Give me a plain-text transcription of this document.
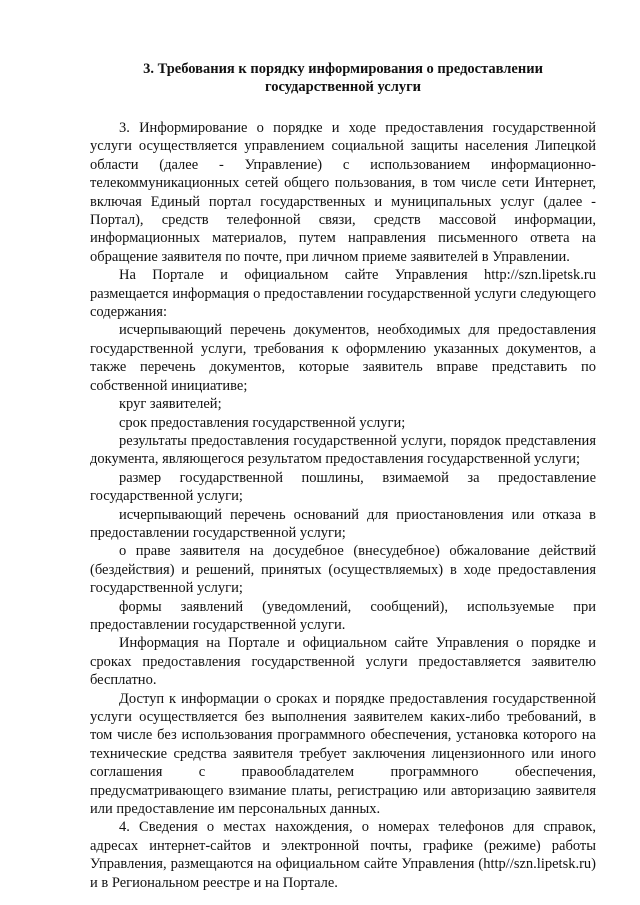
3. Требования к порядку информирования о предоставлении
государственной услуги

3. Информирование о порядке и ходе предоставления государственной услуги осуществляется управлением социальной защиты населения Липецкой области (далее - Управление) с использованием информационно-телекоммуникационных сетей общего пользования, в том числе сети Интернет, включая Единый портал государственных и муниципальных услуг (далее - Портал), средств телефонной связи, средств массовой информации, информационных материалов, путем направления письменного ответа на обращение заявителя по почте, при личном приеме заявителей в Управлении.

На Портале и официальном сайте Управления http://szn.lipetsk.ru размещается информация о предоставлении государственной услуги следующего содержания:

исчерпывающий перечень документов, необходимых для предоставления государственной услуги, требования к оформлению указанных документов, а также перечень документов, которые заявитель вправе представить по собственной инициативе;

круг заявителей;

срок предоставления государственной услуги;

результаты предоставления государственной услуги, порядок представления документа, являющегося результатом предоставления государственной услуги;

размер государственной пошлины, взимаемой за предоставление государственной услуги;

исчерпывающий перечень оснований для приостановления или отказа в предоставлении государственной услуги;

о праве заявителя на досудебное (внесудебное) обжалование действий (бездействия) и решений, принятых (осуществляемых) в ходе предоставления государственной услуги;

формы заявлений (уведомлений, сообщений), используемые при предоставлении государственной услуги.

Информация на Портале и официальном сайте Управления о порядке и сроках предоставления государственной услуги предоставляется заявителю бесплатно.

Доступ к информации о сроках и порядке предоставления государственной услуги осуществляется без выполнения заявителем каких-либо требований, в том числе без использования программного обеспечения, установка которого на технические средства заявителя требует заключения лицензионного или иного соглашения с правообладателем программного обеспечения, предусматривающего взимание платы, регистрацию или авторизацию заявителя или предоставление им персональных данных.

4. Сведения о местах нахождения, о номерах телефонов для справок, адресах интернет-сайтов и электронной почты, графике (режиме) работы Управления, размещаются на официальном сайте Управления (http//szn.lipetsk.ru) и в Региональном реестре и на Портале.
